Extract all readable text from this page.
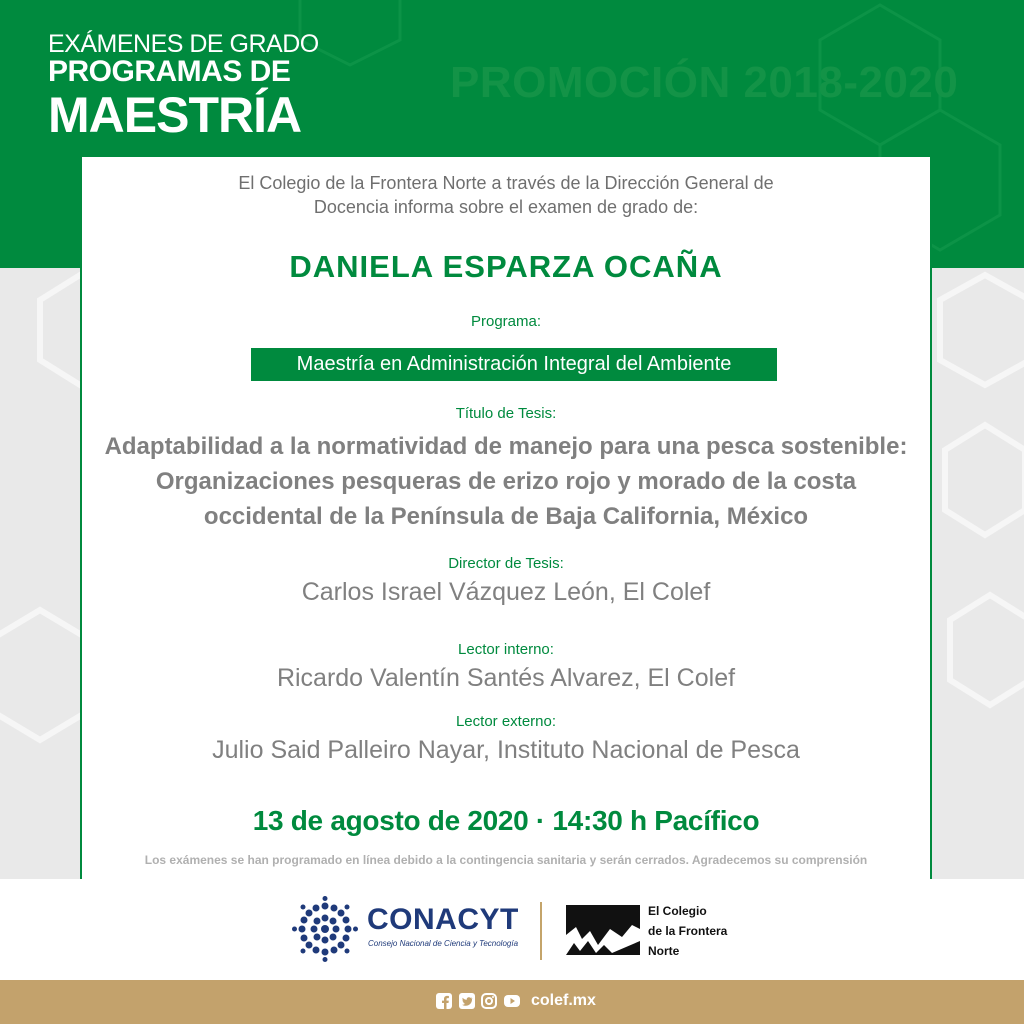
EXÁMENES DE GRADO
PROGRAMAS DE
MAESTRÍA
PROMOCIÓN 2018-2020
El Colegio de la Frontera Norte a través de la Dirección General de Docencia informa sobre el examen de grado de:
DANIELA ESPARZA OCAÑA
Programa:
Maestría en Administración Integral del Ambiente
Título de Tesis:
Adaptabilidad a la normatividad de manejo para una pesca sostenible: Organizaciones pesqueras de erizo rojo y morado de la costa occidental de la Península de Baja California, México
Director de Tesis:
Carlos Israel Vázquez León, El Colef
Lector interno:
Ricardo Valentín Santés Alvarez, El Colef
Lector externo:
Julio Said Palleiro Nayar, Instituto Nacional de Pesca
13 de agosto de 2020 · 14:30 h Pacífico
Los exámenes se han programado en línea debido a la contingencia sanitaria y serán cerrados. Agradecemos su comprensión
CONACYT
Consejo Nacional de Ciencia y Tecnología
El Colegio
de la Frontera
Norte
colef.mx
